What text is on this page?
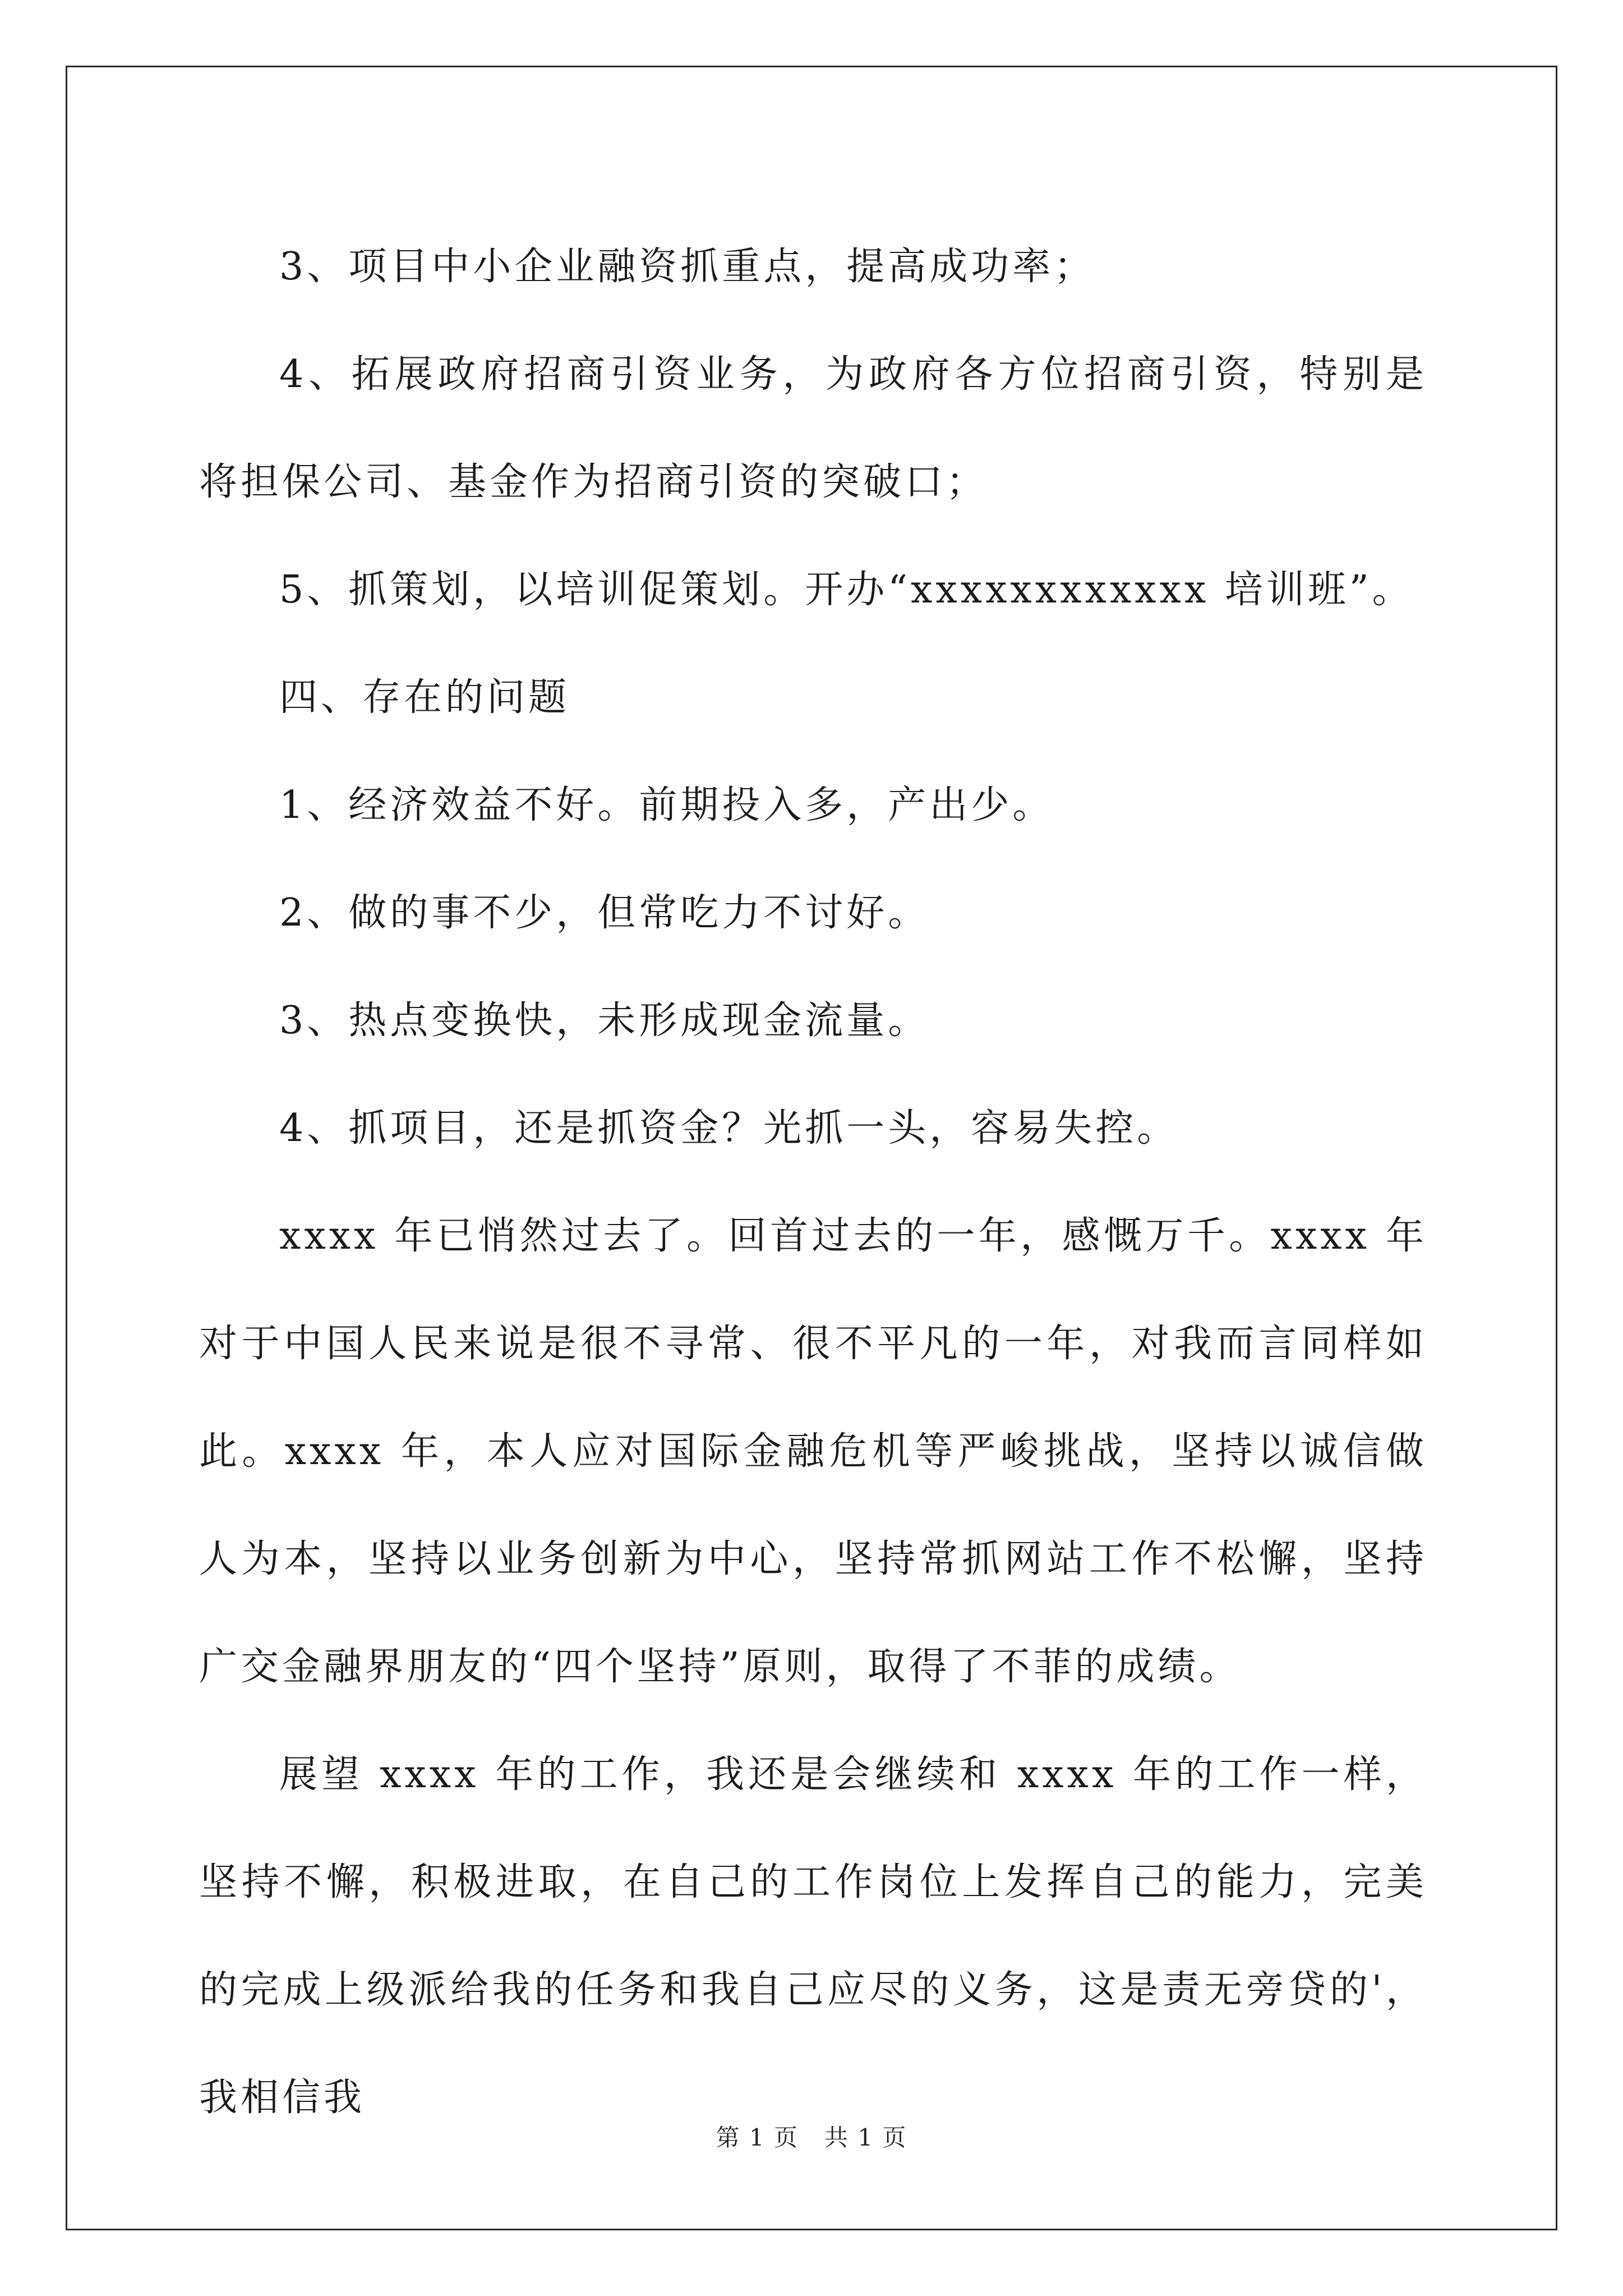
3、项目中小企业融资抓重点，提高成功率；

4、拓展政府招商引资业务，为政府各方位招商引资，特别是将担保公司、基金作为招商引资的突破口；

5、抓策划，以培训促策划。开办“xxxxxxxxxxxx 培训班”。

四、存在的问题

1、经济效益不好。前期投入多，产出少。

2、做的事不少，但常吃力不讨好。

3、热点变换快，未形成现金流量。

4、抓项目，还是抓资金？光抓一头，容易失控。

xxxx 年已悄然过去了。回首过去的一年，感慨万千。xxxx 年对于中国人民来说是很不寻常、很不平凡的一年，对我而言同样如此。xxxx 年，本人应对国际金融危机等严峻挑战，坚持以诚信做人为本，坚持以业务创新为中心，坚持常抓网站工作不松懈，坚持广交金融界朋友的“四个坚持”原则，取得了不菲的成绩。

展望 xxxx 年的工作，我还是会继续和 xxxx 年的工作一样，坚持不懈，积极进取，在自己的工作岗位上发挥自己的能力，完美的完成上级派给我的任务和我自己应尽的义务，这是责无旁贷的'，我相信我

第 1 页 共 1 页
